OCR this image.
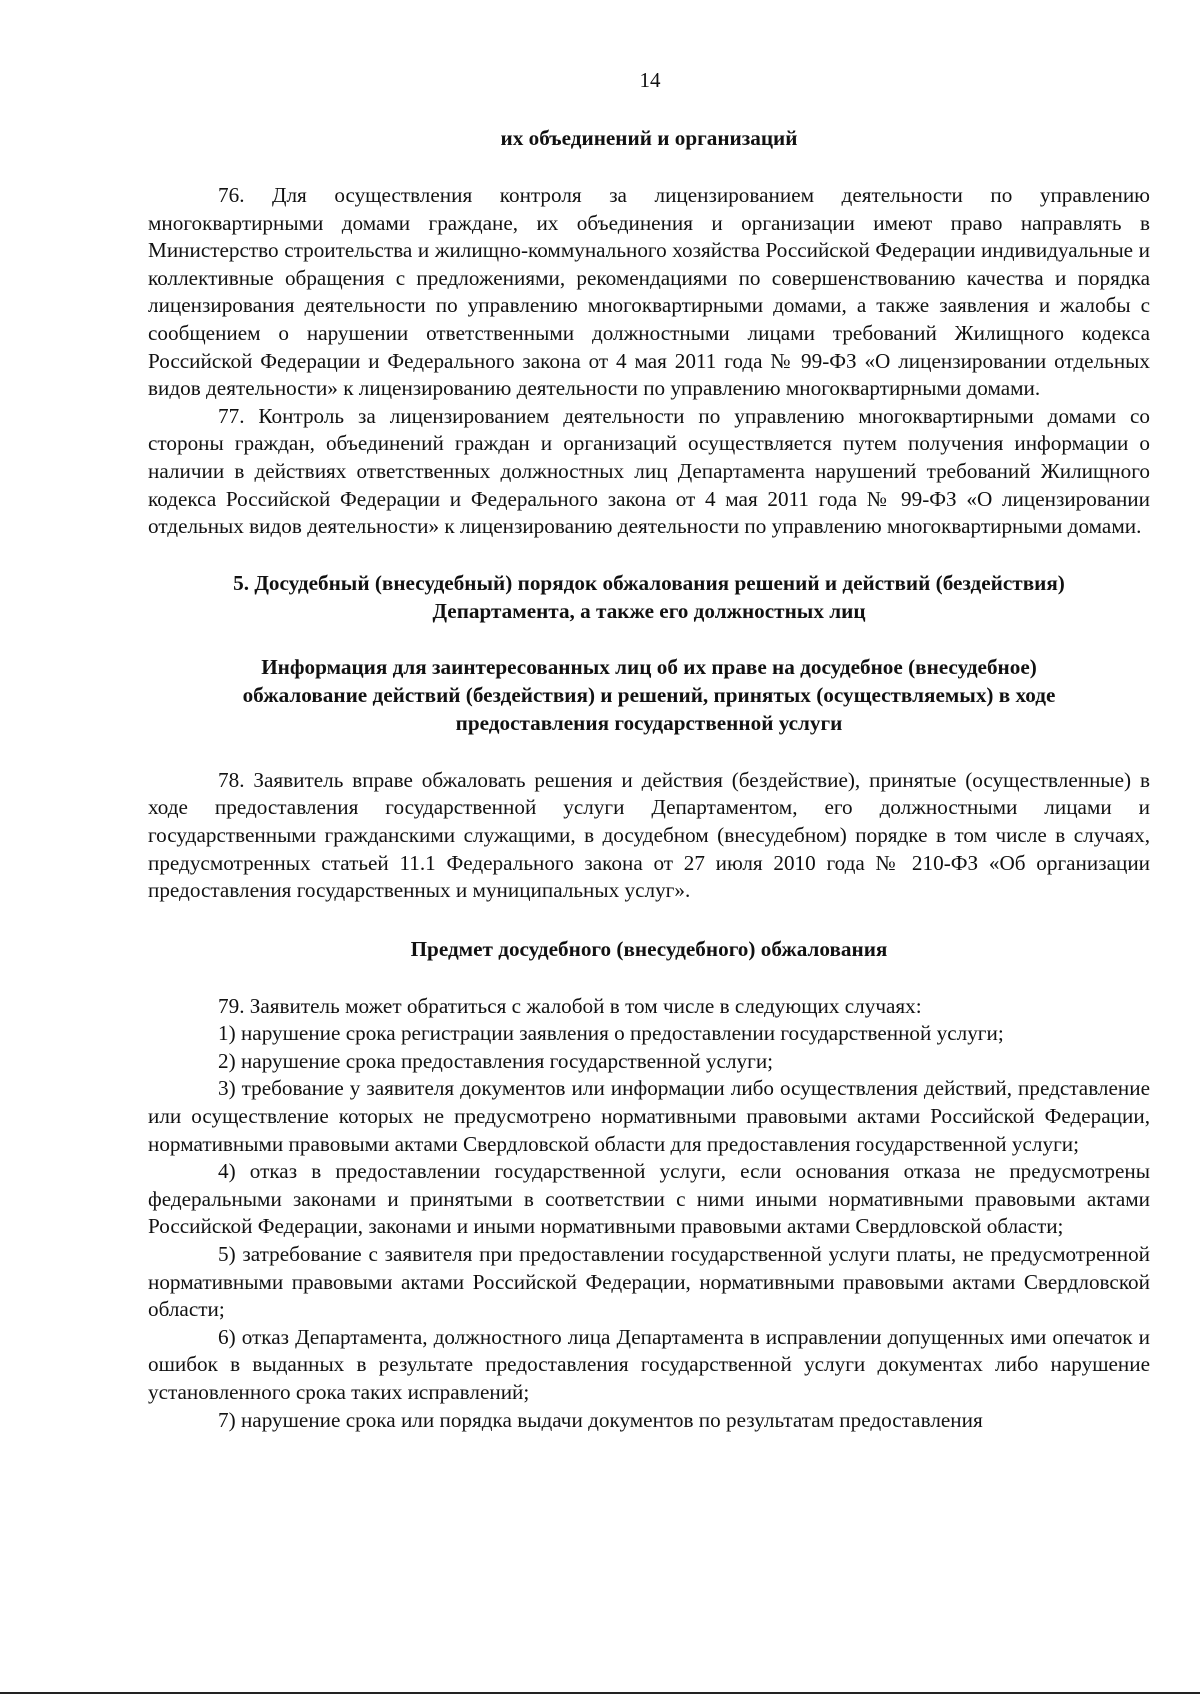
14

их объединений и организаций

76. Для осуществления контроля за лицензированием деятельности по управлению многоквартирными домами граждане, их объединения и организации имеют право направлять в Министерство строительства и жилищно-коммунального хозяйства Российской Федерации индивидуальные и коллективные обращения с предложениями, рекомендациями по совершенствованию качества и порядка лицензирования деятельности по управлению многоквартирными домами, а также заявления и жалобы с сообщением о нарушении ответственными должностными лицами требований Жилищного кодекса Российской Федерации и Федерального закона от 4 мая 2011 года № 99-ФЗ «О лицензировании отдельных видов деятельности» к лицензированию деятельности по управлению многоквартирными домами.

77. Контроль за лицензированием деятельности по управлению многоквартирными домами со стороны граждан, объединений граждан и организаций осуществляется путем получения информации о наличии в действиях ответственных должностных лиц Департамента нарушений требований Жилищного кодекса Российской Федерации и Федерального закона от 4 мая 2011 года № 99-ФЗ «О лицензировании отдельных видов деятельности» к лицензированию деятельности по управлению многоквартирными домами.

5. Досудебный (внесудебный) порядок обжалования решений и действий (бездействия)

Департамента, а также его должностных лиц

Информация для заинтересованных лиц об их праве на досудебное (внесудебное)

обжалование действий (бездействия) и решений, принятых (осуществляемых) в ходе

предоставления государственной услуги

78. Заявитель вправе обжаловать решения и действия (бездействие), принятые (осуществленные) в ходе предоставления государственной услуги Департаментом, его должностными лицами и государственными гражданскими служащими, в досудебном (внесудебном) порядке в том числе в случаях, предусмотренных статьей 11.1 Федерального закона от 27 июля 2010 года № 210-ФЗ «Об организации предоставления государственных и муниципальных услуг».

Предмет досудебного (внесудебного) обжалования

79. Заявитель может обратиться с жалобой в том числе в следующих случаях:

1) нарушение срока регистрации заявления о предоставлении государственной услуги;

2) нарушение срока предоставления государственной услуги;

3) требование у заявителя документов или информации либо осуществления действий, представление или осуществление которых не предусмотрено нормативными правовыми актами Российской Федерации, нормативными правовыми актами Свердловской области для предоставления государственной услуги;

4) отказ в предоставлении государственной услуги, если основания отказа не предусмотрены федеральными законами и принятыми в соответствии с ними иными нормативными правовыми актами Российской Федерации, законами и иными нормативными правовыми актами Свердловской области;

5) затребование с заявителя при предоставлении государственной услуги платы, не предусмотренной нормативными правовыми актами Российской Федерации, нормативными правовыми актами Свердловской области;

6) отказ Департамента, должностного лица Департамента в исправлении допущенных ими опечаток и ошибок в выданных в результате предоставления государственной услуги документах либо нарушение установленного срока таких исправлений;

7) нарушение срока или порядка выдачи документов по результатам предоставления
